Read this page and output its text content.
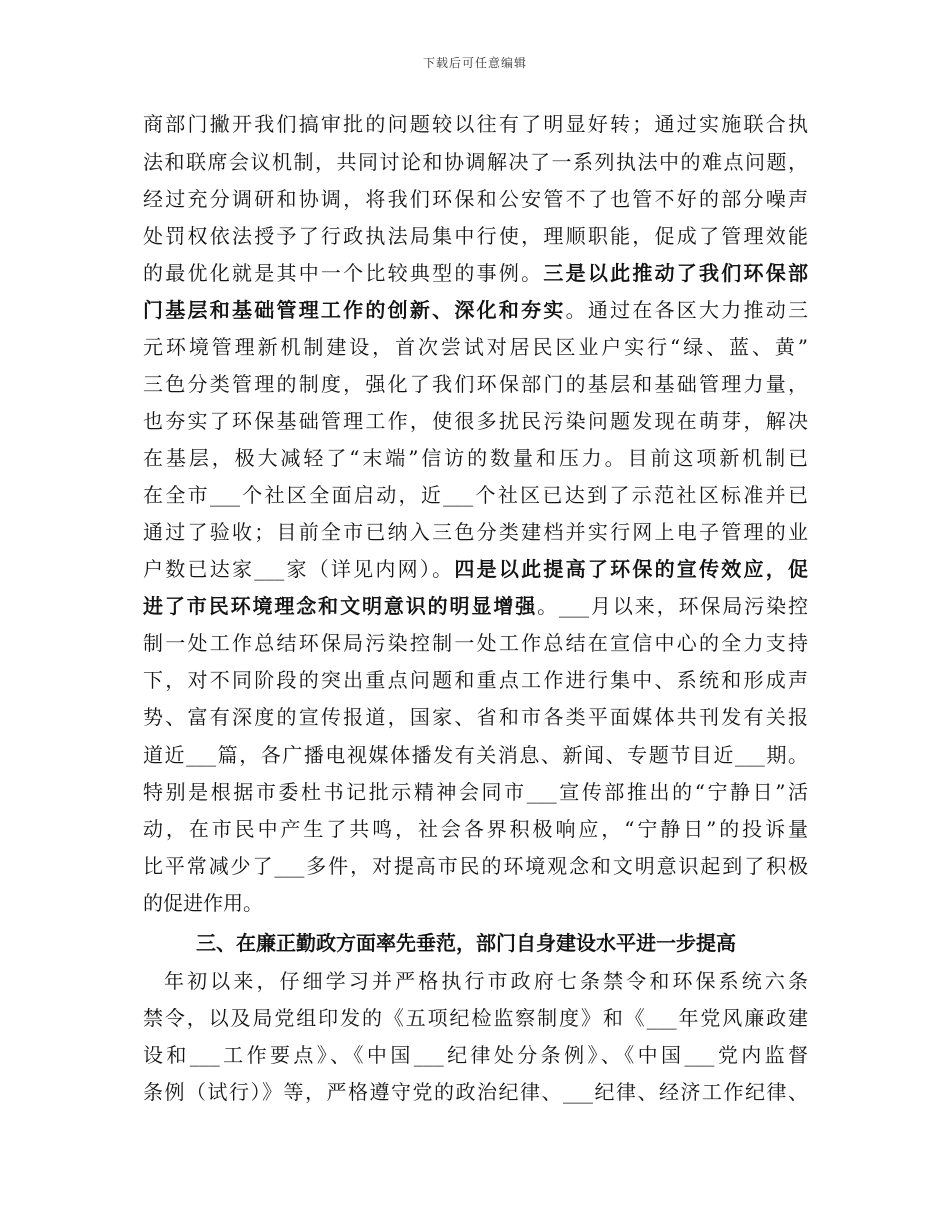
下载后可任意编辑
商部门撇开我们搞审批的问题较以往有了明显好转；通过实施联合执
法和联席会议机制，共同讨论和协调解决了一系列执法中的难点问题，
经过充分调研和协调，将我们环保和公安管不了也管不好的部分噪声
处罚权依法授予了行政执法局集中行使，理顺职能，促成了管理效能
的最优化就是其中一个比较典型的事例。三是以此推动了我们环保部
门基层和基础管理工作的创新、深化和夯实。通过在各区大力推动三
元环境管理新机制建设，首次尝试对居民区业户实行“绿、蓝、黄”
三色分类管理的制度，强化了我们环保部门的基层和基础管理力量，
也夯实了环保基础管理工作，使很多扰民污染问题发现在萌芽，解决
在基层，极大减轻了“末端”信访的数量和压力。目前这项新机制已
在全市___个社区全面启动，近___个社区已达到了示范社区标准并已
通过了验收；目前全市已纳入三色分类建档并实行网上电子管理的业
户数已达家___家（详见内网）。四是以此提高了环保的宣传效应，促
进了市民环境理念和文明意识的明显增强。___月以来，环保局污染控
制一处工作总结环保局污染控制一处工作总结在宣信中心的全力支持
下，对不同阶段的突出重点问题和重点工作进行集中、系统和形成声
势、富有深度的宣传报道，国家、省和市各类平面媒体共刊发有关报
道近___篇，各广播电视媒体播发有关消息、新闻、专题节目近___期。
特别是根据市委杜书记批示精神会同市___宣传部推出的“宁静日”活
动，在市民中产生了共鸣，社会各界积极响应，“宁静日”的投诉量
比平常减少了___多件，对提高市民的环境观念和文明意识起到了积极
的促进作用。
三、在廉正勤政方面率先垂范，部门自身建设水平进一步提高
年初以来，仔细学习并严格执行市政府七条禁令和环保系统六条
禁令，以及局党组印发的《五项纪检监察制度》和《___年党风廉政建
设和___工作要点》、《中国___纪律处分条例》、《中国___党内监督
条例（试行）》等，严格遵守党的政治纪律、___纪律、经济工作纪律、
